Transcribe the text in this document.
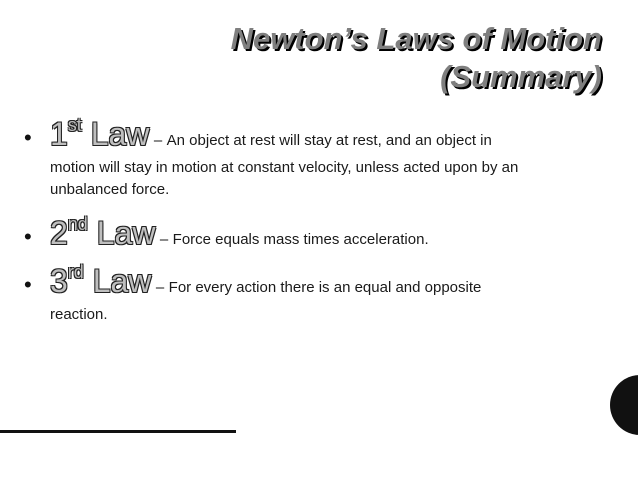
Newton’s Laws of Motion
(Summary)
• 1st Law – An object at rest will stay at rest, and an object in
motion will stay in motion at constant velocity, unless acted upon by an unbalanced force.
• 2nd Law – Force equals mass times acceleration.
• 3rd Law – For every action there is an equal and opposite
reaction.
